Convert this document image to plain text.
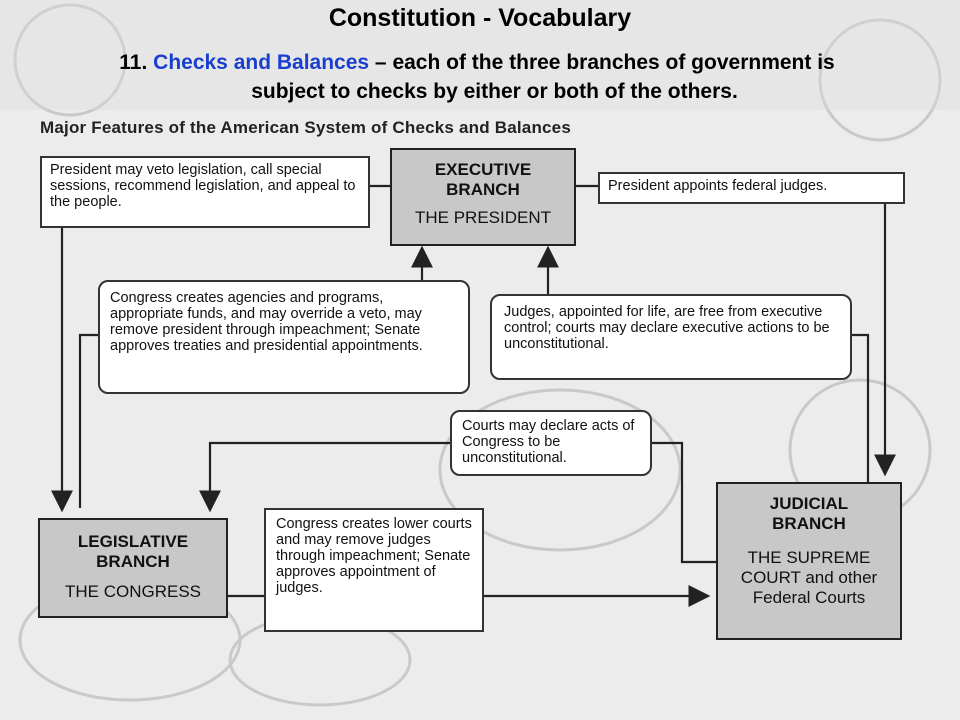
Constitution - Vocabulary
11. Checks and Balances – each of the three branches of government is
subject to checks by either or both of the others.
Major Features of the American System of Checks and Balances
EXECUTIVE BRANCH
THE PRESIDENT
LEGISLATIVE BRANCH
THE CONGRESS
JUDICIAL BRANCH
THE SUPREME COURT and other Federal Courts
President may veto legislation, call special sessions, recommend legislation, and appeal to the people.
President appoints federal judges.
Congress creates agencies and programs, appropriate funds, and may override a veto, may remove president through impeachment; Senate approves treaties and presidential appointments.
Judges, appointed for life, are free from executive control; courts may declare executive actions to be unconstitutional.
Courts may declare acts of Congress to be unconstitutional.
Congress creates lower courts and may remove judges through impeachment; Senate approves appointment of judges.
